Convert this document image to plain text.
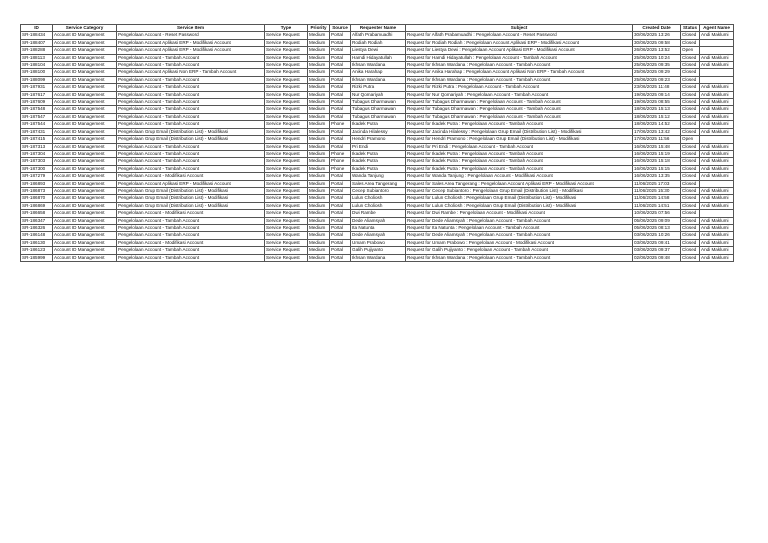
ID	Service Category	Service Item	Type	Priority	Source	Requester Name	Subject	Created Date	Status	Agent Name
SR-188434	Account ID Management	Pengelolaan Account - Reset Password	Service Request	Medium	Portal	Alfath Prabamuadhi	Request for Alfath Prabamuadhi : Pengelolaan Account - Reset Password	30/06/2025 13:26	Closed	Andi Maklumi
SR-188407	Account ID Management	Pengelolaan Account Aplikasi ERP - Modifikasi Account	Service Request	Medium	Portal	Rodiah Rodiah	Request for Rodiah Rodiah : Pengelolaan Account Aplikasi ERP - Modifikasi Account	30/06/2025 09:58	Closed	
SR-188288	Account ID Management	Pengelolaan Account Aplikasi ERP - Modifikasi Account	Service Request	Medium	Portal	Liestya Dewi	Request for Liestya Dewi : Pengelolaan Account Aplikasi ERP - Modifikasi Account	26/06/2025 13:52	Open	
SR-188113	Account ID Management	Pengelolaan Account - Tambah Account	Service Request	Medium	Portal	Hamdi Hidayatullah	Request for Hamdi Hidayatullah : Pengelolaan Account - Tambah Account	25/06/2025 10:24	Closed	Andi Maklumi
SR-188104	Account ID Management	Pengelolaan Account - Tambah Account	Service Request	Medium	Portal	Ikhsan Wardana	Request for Ikhsan Wardana : Pengelolaan Account - Tambah Account	25/06/2025 09:35	Closed	Andi Maklumi
SR-188100	Account ID Management	Pengelolaan Account Aplikasi Non ERP - Tambah Account	Service Request	Medium	Portal	Anika Harahap	Request for Anika Harahap : Pengelolaan Account Aplikasi Non ERP - Tambah Account	25/06/2025 09:29	Closed	
SR-188099	Account ID Management	Pengelolaan Account - Tambah Account	Service Request	Medium	Portal	Ikhsan Wardana	Request for Ikhsan Wardana : Pengelolaan Account - Tambah Account	25/06/2025 09:23	Closed	
SR-187931	Account ID Management	Pengelolaan Account - Tambah Account	Service Request	Medium	Portal	Rizki Putra	Request for Rizki Putra : Pengelolaan Account - Tambah Account	23/06/2025 11:48	Closed	Andi Maklumi
SR-187617	Account ID Management	Pengelolaan Account - Tambah Account	Service Request	Medium	Portal	Nur Qomariyah	Request for Nur Qomariyah : Pengelolaan Account - Tambah Account	19/06/2025 09:14	Closed	Andi Maklumi
SR-187609	Account ID Management	Pengelolaan Account - Tambah Account	Service Request	Medium	Portal	Tubagus Dharmawan	Request for Tubagus Dharmawan : Pengelolaan Account - Tambah Account	19/06/2025 08:55	Closed	Andi Maklumi
SR-187548	Account ID Management	Pengelolaan Account - Tambah Account	Service Request	Medium	Portal	Tubagus Dharmawan	Request for Tubagus Dharmawan : Pengelolaan Account - Tambah Account	18/06/2025 15:13	Closed	Andi Maklumi
SR-187547	Account ID Management	Pengelolaan Account - Tambah Account	Service Request	Medium	Portal	Tubagus Dharmawan	Request for Tubagus Dharmawan : Pengelolaan Account - Tambah Account	18/06/2025 15:12	Closed	Andi Maklumi
SR-187544	Account ID Management	Pengelolaan Account - Tambah Account	Service Request	Medium	Phone	Ikadek Putra	Request for Ikadek Putra : Pengelolaan Account - Tambah Account	18/06/2025 14:52	Closed	Andi Maklumi
SR-187431	Account ID Management	Pengelolaan Grup Email (Distribution List) - Modifikasi	Service Request	Medium	Portal	Jacinda Hilalessy	Request for Jacinda Hilalessy : Pengelolaan Grup Email (Distribution List) - Modifikasi	17/06/2025 13:42	Closed	Andi Maklumi
SR-187415	Account ID Management	Pengelolaan Grup Email (Distribution List) - Modifikasi	Service Request	Medium	Portal	Hendri Pramono	Request for Hendri Pramono : Pengelolaan Grup Email (Distribution List) - Modifikasi	17/06/2025 11:56	Open	
SR-187313	Account ID Management	Pengelolaan Account - Tambah Account	Service Request	Medium	Portal	Pri Endi	Request for Pri Endi : Pengelolaan Account - Tambah Account	16/06/2025 15:48	Closed	Andi Maklumi
SR-187304	Account ID Management	Pengelolaan Account - Tambah Account	Service Request	Medium	Phone	Ikadek Putra	Request for Ikadek Putra : Pengelolaan Account - Tambah Account	16/06/2025 15:19	Closed	Andi Maklumi
SR-187303	Account ID Management	Pengelolaan Account - Tambah Account	Service Request	Medium	Phone	Ikadek Putra	Request for Ikadek Putra : Pengelolaan Account - Tambah Account	16/06/2025 15:18	Closed	Andi Maklumi
SR-187300	Account ID Management	Pengelolaan Account - Tambah Account	Service Request	Medium	Phone	Ikadek Putra	Request for Ikadek Putra : Pengelolaan Account - Tambah Account	16/06/2025 15:15	Closed	Andi Maklumi
SR-187279	Account ID Management	Pengelolaan Account - Modifikasi Account	Service Request	Medium	Portal	Wanda Tanjung	Request for Wanda Tanjung : Pengelolaan Account - Modifikasi Account	16/06/2025 13:35	Closed	Andi Maklumi
SR-186893	Account ID Management	Pengelolaan Account Aplikasi ERP - Modifikasi Account	Service Request	Medium	Portal	Sales Area Tangerang	Request for Sales Area Tangerang : Pengelolaan Account Aplikasi ERP - Modifikasi Account	11/06/2025 17:03	Closed	
SR-186873	Account ID Management	Pengelolaan Grup Email (Distribution List) - Modifikasi	Service Request	Medium	Portal	Cecep Subiantoro	Request for Cecep Subiantoro : Pengelolaan Grup Email (Distribution List) - Modifikasi	11/06/2025 15:30	Closed	Andi Maklumi
SR-186870	Account ID Management	Pengelolaan Grup Email (Distribution List) - Modifikasi	Service Request	Medium	Portal	Lulun Choliosh	Request for Lulun Choliosh : Pengelolaan Grup Email (Distribution List) - Modifikasi	11/06/2025 14:58	Closed	Andi Maklumi
SR-186869	Account ID Management	Pengelolaan Grup Email (Distribution List) - Modifikasi	Service Request	Medium	Portal	Lulun Choliosh	Request for Lulun Choliosh : Pengelolaan Grup Email (Distribution List) - Modifikasi	11/06/2025 14:51	Closed	Andi Maklumi
SR-186658	Account ID Management	Pengelolaan Account - Modifikasi Account	Service Request	Medium	Portal	Dwi Rambe	Request for Dwi Rambe : Pengelolaan Account - Modifikasi Account	10/06/2025 07:56	Closed	
SR-186347	Account ID Management	Pengelolaan Account - Tambah Account	Service Request	Medium	Portal	Dede Aliamsyah	Request for Dede Aliamsyah : Pengelolaan Account - Tambah Account	05/06/2025 09:09	Closed	Andi Maklumi
SR-186326	Account ID Management	Pengelolaan Account - Tambah Account	Service Request	Medium	Portal	Ita Natunta	Request for Ita Natunta : Pengelolaan Account - Tambah Account	05/06/2025 08:13	Closed	Andi Maklumi
SR-186148	Account ID Management	Pengelolaan Account - Tambah Account	Service Request	Medium	Portal	Dede Aliamsyah	Request for Dede Aliamsyah : Pengelolaan Account - Tambah Account	03/06/2025 10:26	Closed	Andi Maklumi
SR-186130	Account ID Management	Pengelolaan Account - Modifikasi Account	Service Request	Medium	Portal	Umam Prabowo	Request for Umam Prabowo : Pengelolaan Account - Modifikasi Account	03/06/2025 09:41	Closed	Andi Maklumi
SR-186123	Account ID Management	Pengelolaan Account - Tambah Account	Service Request	Medium	Portal	Galih Pujiyanto	Request for Galih Pujiyanto : Pengelolaan Account - Tambah Account	03/06/2025 09:37	Closed	Andi Maklumi
SR-185999	Account ID Management	Pengelolaan Account - Tambah Account	Service Request	Medium	Portal	Ikhsan Wardana	Request for Ikhsan Wardana : Pengelolaan Account - Tambah Account	02/06/2025 09:48	Closed	Andi Maklumi
